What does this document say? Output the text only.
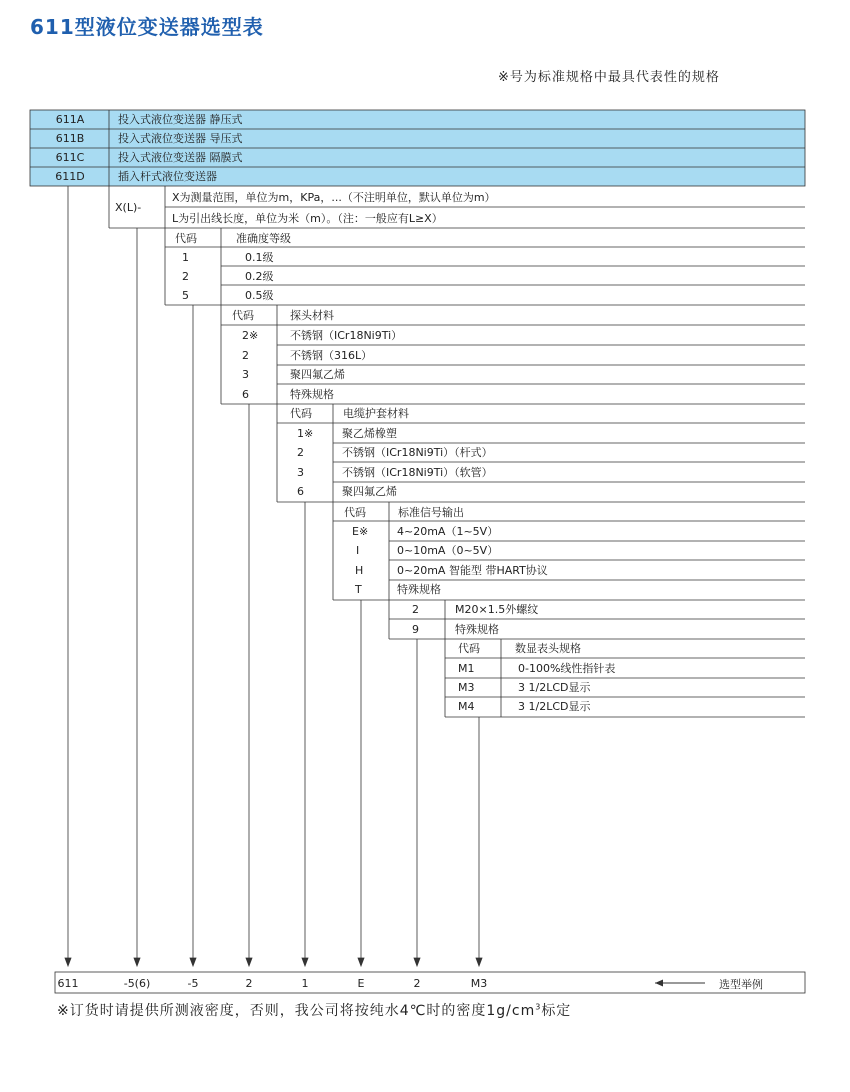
611型液位变送器选型表
※号为标准规格中最具代表性的规格
611A	投入式液位变送器 静压式
611B	投入式液位变送器 导压式
611C	投入式液位变送器 隔膜式
611D	插入杆式液位变送器
X(L)-
X为测量范围，单位为m，KPa，...（不注明单位，默认单位为m）
L为引出线长度，单位为米（m）。（注：一般应有L≥X）
代码	准确度等级
1	0.1级
2	0.2级
5	0.5级
代码	探头材料
2※	不锈钢（ICr18Ni9Ti）
2	不锈钢（316L）
3	聚四氟乙烯
6	特殊规格
代码	电缆护套材料
1※	聚乙烯橡塑
2	不锈钢（ICr18Ni9Ti）（杆式）
3	不锈钢（ICr18Ni9Ti）（软管）
6	聚四氟乙烯
代码	标准信号输出
E※	4~20mA（1~5V）
I	0~10mA（0~5V）
H	0~20mA 智能型 带HART协议
T	特殊规格
2	M20×1.5外螺纹
9	特殊规格
代码	数显表头规格
M1	0-100%线性指针表
M3	3 1/2LCD显示
M4	3 1/2LCD显示
611	-5(6)	-5	2	1	E	2	M3	选型举例
※订货时请提供所测液密度，否则，我公司将按纯水4℃时的密度$1g/cm^3$标定
